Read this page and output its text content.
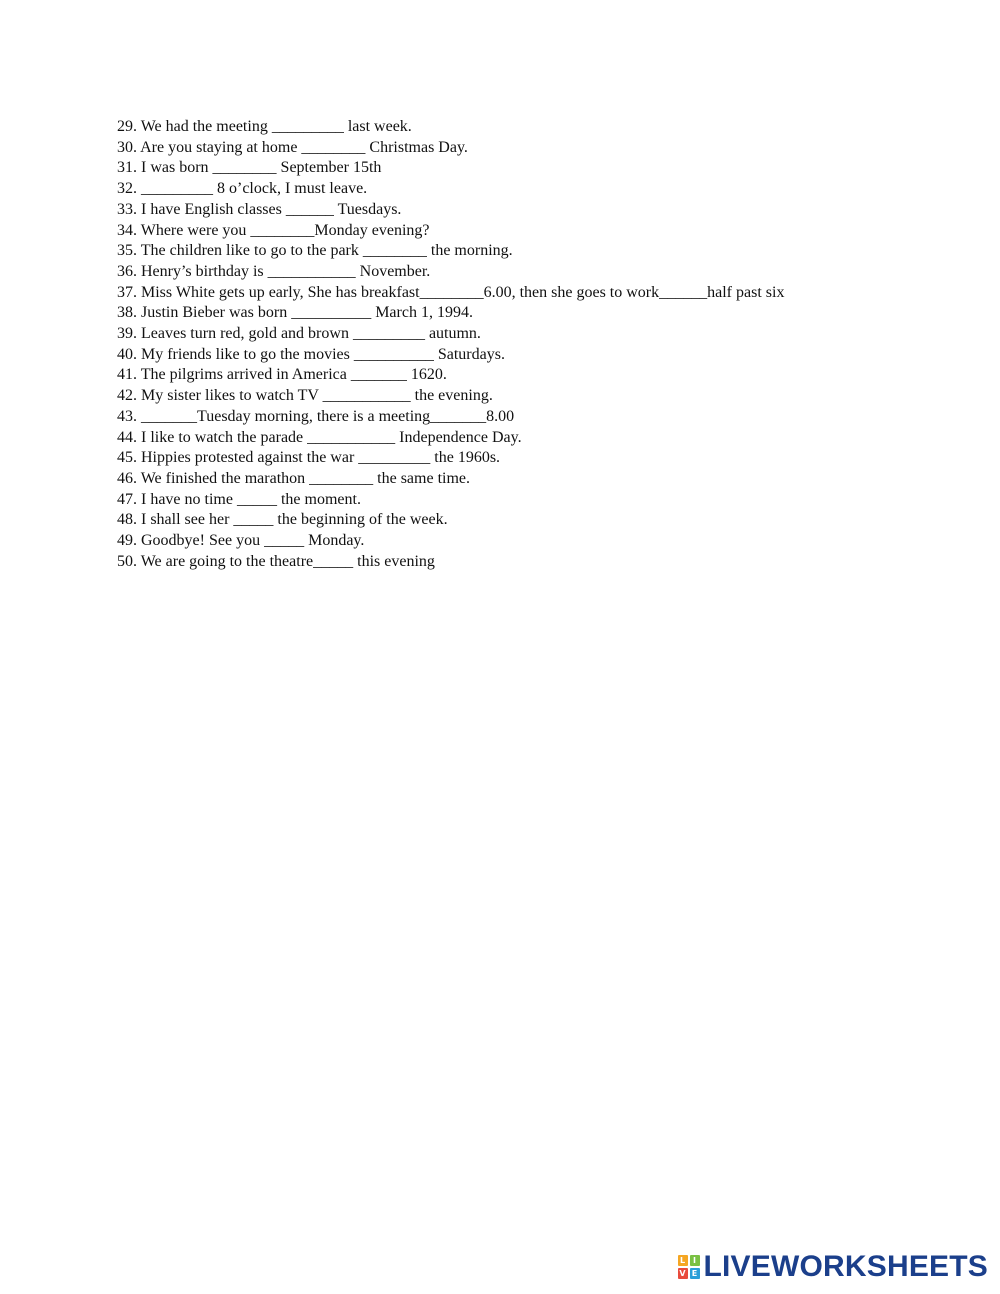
29. We had the meeting _________ last week.

30. Are you staying at home ________ Christmas Day.

31. I was born ________ September 15th

32. _________ 8 o’clock, I must leave.

33. I have English classes ______ Tuesdays.

34. Where were you ________Monday evening?

35. The children like to go to the park ________ the morning.

36. Henry’s birthday is ___________ November.

37. Miss White gets up early, She has breakfast________6.00, then she goes to work______half past six

38. Justin Bieber was born __________ March 1, 1994.

39. Leaves turn red, gold and brown _________ autumn.

40. My friends like to go the movies __________ Saturdays.

41. The pilgrims arrived in America _______ 1620.

42. My sister likes to watch TV ___________ the evening.

43. _______Tuesday morning, there is a meeting_______8.00

44. I like to watch the parade ___________ Independence Day.

45. Hippies protested against the war _________ the 1960s.

46. We finished the marathon ________ the same time.

47. I have no time _____ the moment.

48. I shall see her _____ the beginning of the week.

49. Goodbye! See you _____ Monday.

50. We are going to the theatre_____ this evening

L I
V E LIVEWORKSHEETS
